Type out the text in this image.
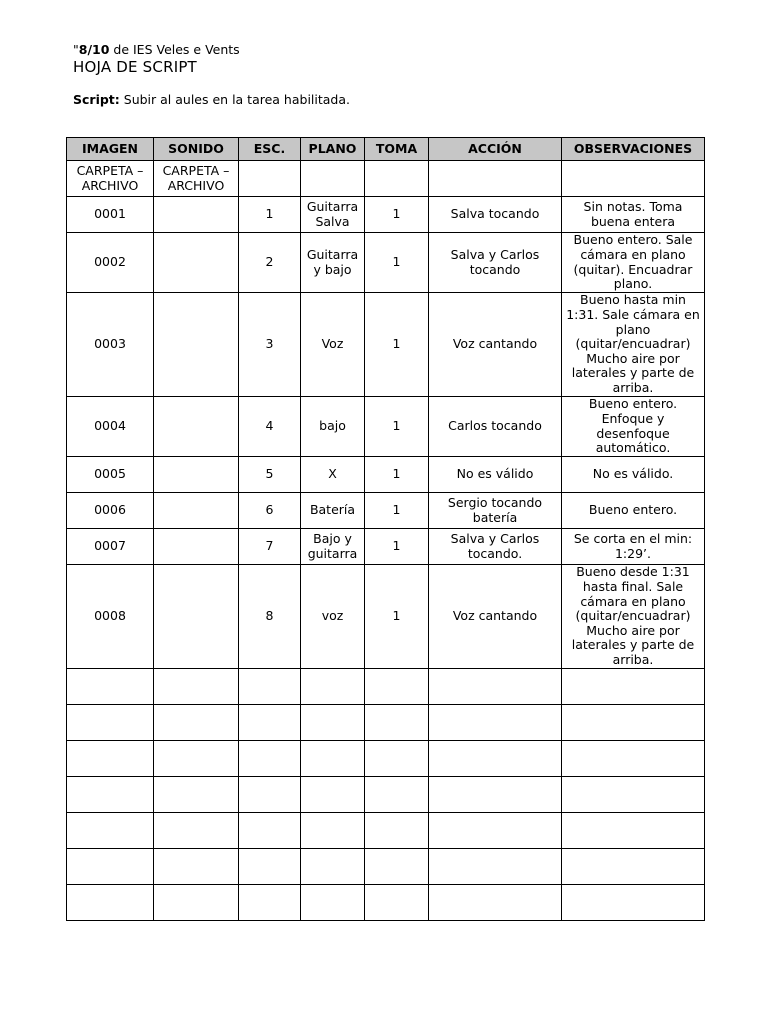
"8/10 de IES Veles e Vents
HOJA DE SCRIPT
Script: Subir al aules en la tarea habilitada.
IMAGEN	SONIDO	ESC.	PLANO	TOMA	ACCIÓN	OBSERVACIONES
CARPETA – ARCHIVO	CARPETA – ARCHIVO					
0001		1	Guitarra Salva	1	Salva tocando	Sin notas. Toma buena entera
0002		2	Guitarra y bajo	1	Salva y Carlos tocando	Bueno entero. Sale cámara en plano (quitar). Encuadrar plano.
0003		3	Voz	1	Voz cantando	Bueno hasta min 1:31. Sale cámara en plano (quitar/encuadrar) Mucho aire por laterales y parte de arriba.
0004		4	bajo	1	Carlos tocando	Bueno entero. Enfoque y desenfoque automático.
0005		5	X	1	No es válido	No es válido.
0006		6	Batería	1	Sergio tocando batería	Bueno entero.
0007		7	Bajo y guitarra	1	Salva y Carlos tocando.	Se corta en el min: 1:29’.
0008		8	voz	1	Voz cantando	Bueno desde 1:31 hasta final. Sale cámara en plano (quitar/encuadrar) Mucho aire por laterales y parte de arriba.
